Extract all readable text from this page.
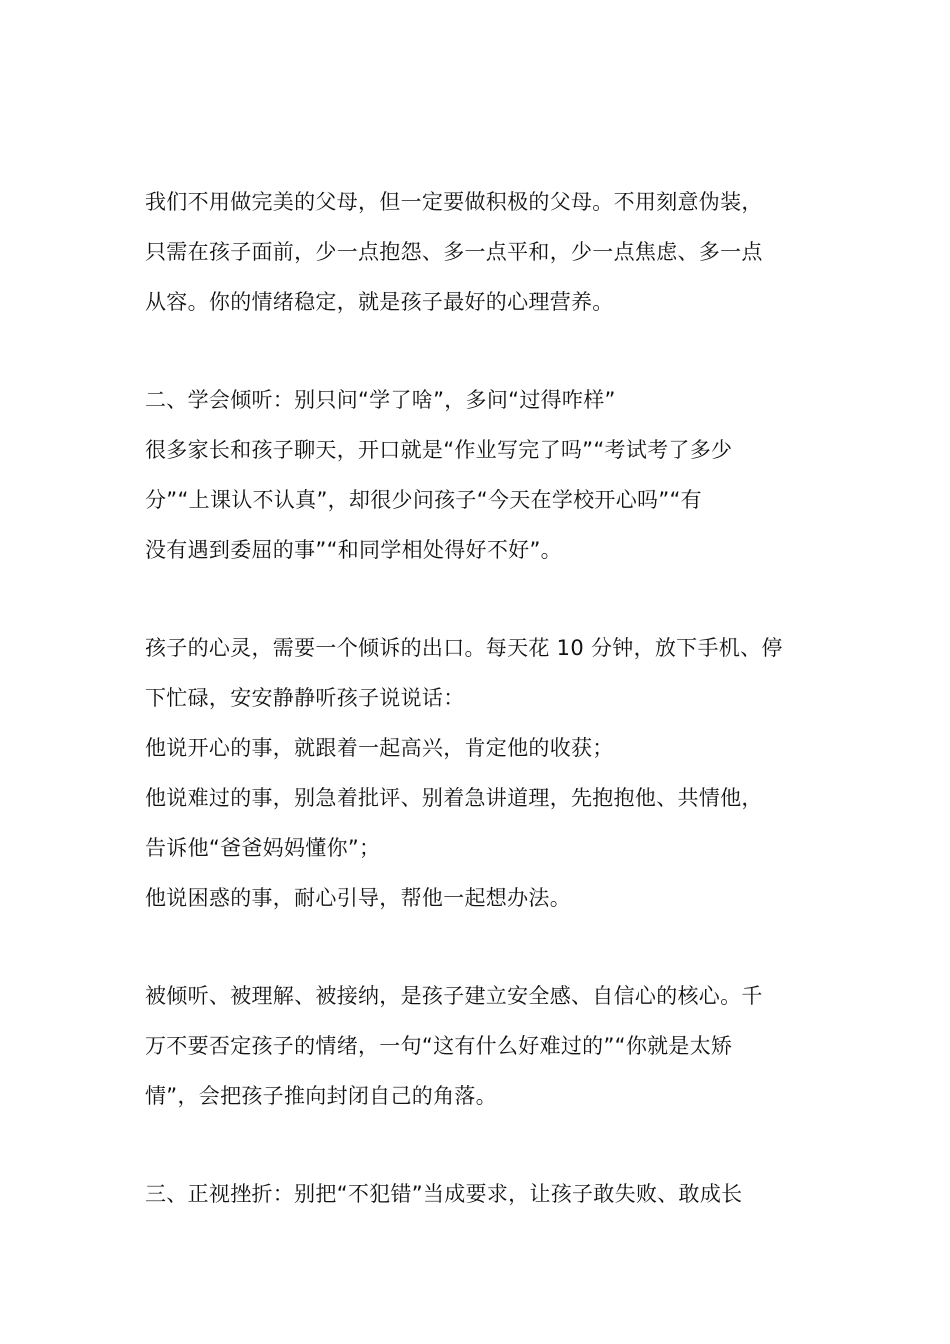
我们不用做完美的父母，但一定要做积极的父母。不用刻意伪装，
只需在孩子面前，少一点抱怨、多一点平和，少一点焦虑、多一点
从容。你的情绪稳定，就是孩子最好的心理营养。
二、学会倾听：别只问“学了啥”，多问“过得咋样”
很多家长和孩子聊天，开口就是“作业写完了吗”“考试考了多少
分”“上课认不认真”，却很少问孩子“今天在学校开心吗”“有
没有遇到委屈的事”“和同学相处得好不好”。
孩子的心灵，需要一个倾诉的出口。每天花 10 分钟，放下手机、停
下忙碌，安安静静听孩子说说话：
他说开心的事，就跟着一起高兴，肯定他的收获；
他说难过的事，别急着批评、别着急讲道理，先抱抱他、共情他，
告诉他“爸爸妈妈懂你”；
他说困惑的事，耐心引导，帮他一起想办法。
被倾听、被理解、被接纳，是孩子建立安全感、自信心的核心。千
万不要否定孩子的情绪，一句“这有什么好难过的”“你就是太矫
情”，会把孩子推向封闭自己的角落。
三、正视挫折：别把“不犯错”当成要求，让孩子敢失败、敢成长
